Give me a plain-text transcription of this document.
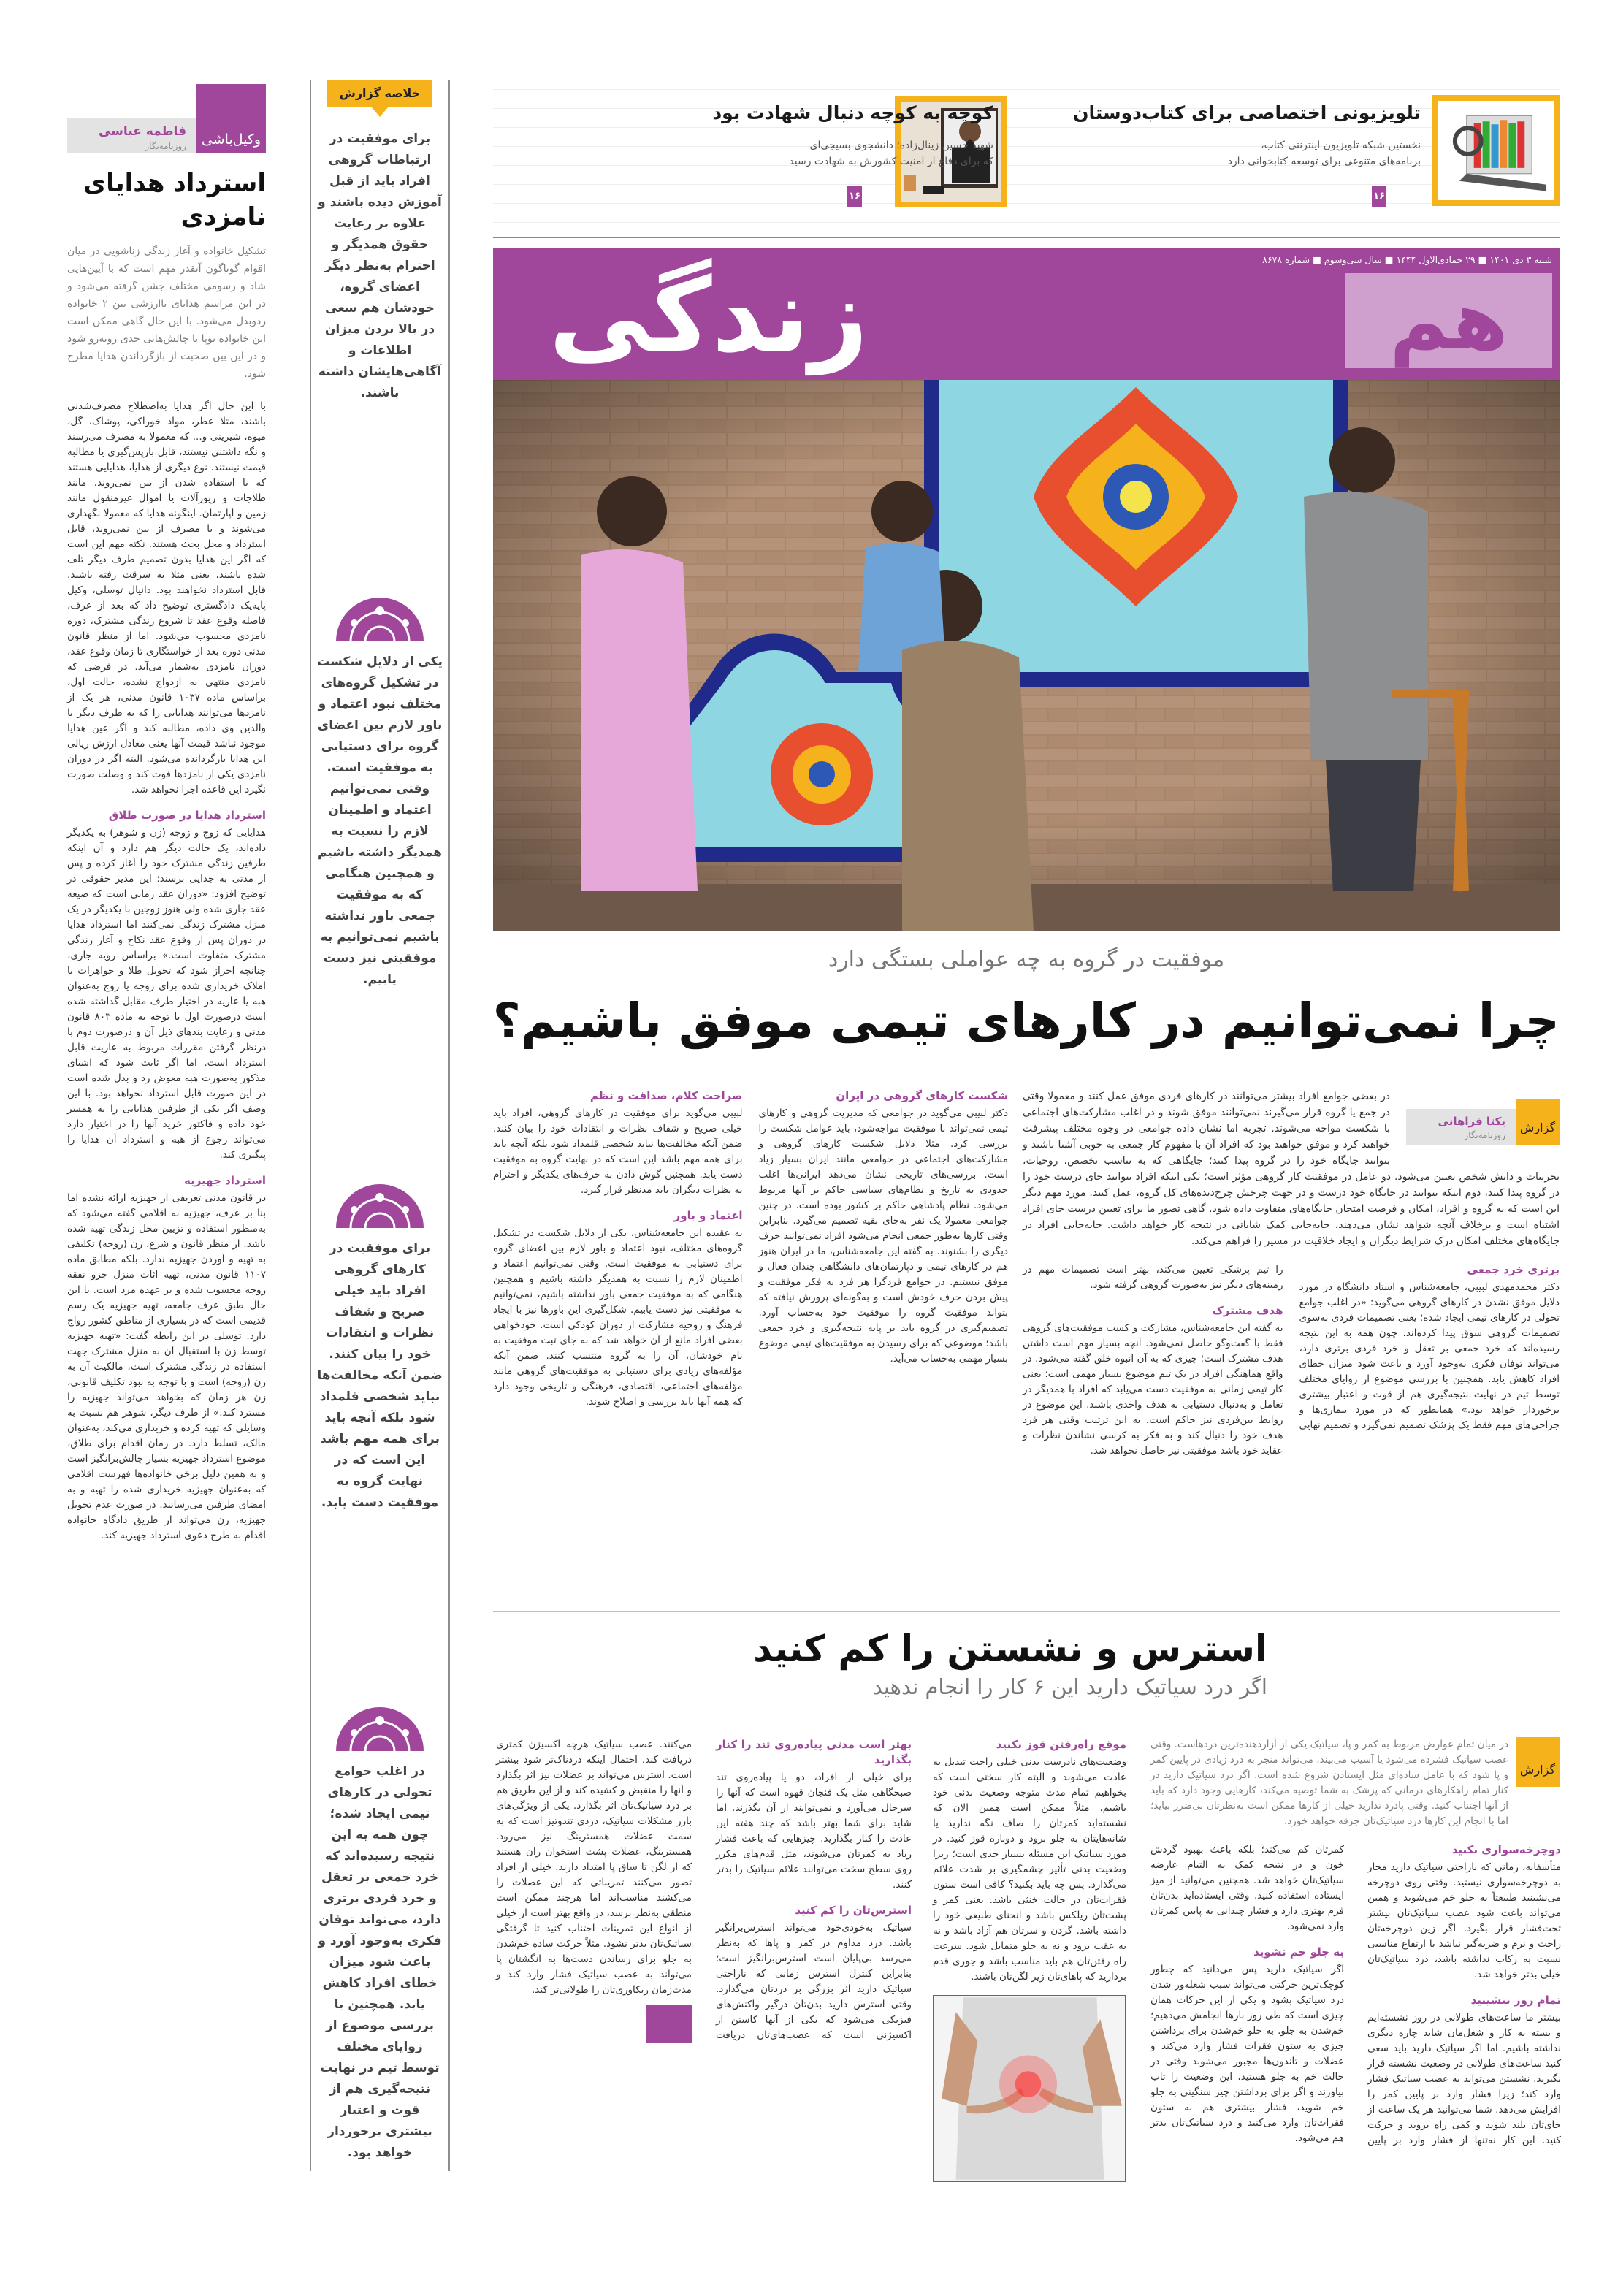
فاطمه عباسی
روزنامه‌نگار	وکیل‌باشی
استرداد هدایای نامزدی

تشکیل خانواده و آغاز زندگی زناشویی در میان اقوام گوناگون آنقدر مهم است که با آیین‌هایی شاد و رسومی مختلف جشن گرفته می‌شود و در این مراسم هدایای باارزشی بین ۲ خانواده ردوبدل می‌شود. با این حال گاهی ممکن است این خانواده نوپا با چالش‌هایی جدی روبه‌رو شود و در این بین صحبت از بازگرداندن هدایا مطرح شود.

با این حال اگر هدایا به‌اصطلاح مصرف‌شدنی باشند، مثلا عطر، مواد خوراکی، پوشاک، گل، میوه، شیرینی و... که معمولا به مصرف می‌رسند و نگه داشتنی نیستند، قابل بازپس‌گیری یا مطالبه قیمت نیستند. نوع دیگری از هدایا، هدایایی هستند که با استفاده شدن از بین نمی‌روند، مانند طلاجات و زیورآلات یا اموال غیرمنقول مانند زمین و آپارتمان. اینگونه هدایا که معمولا نگهداری می‌شوند و با مصرف از بین نمی‌روند، قابل استرداد و محل بحث هستند. نکته مهم این است که اگر این هدایا بدون تصمیم طرف دیگر تلف شده باشند، یعنی مثلا به سرقت رفته باشند، قابل استرداد نخواهند بود. دانیال توسلی، وکیل پایه‌یک دادگستری توضیح داد که بعد از عرف، فاصله وقوع عقد تا شروع زندگی مشترک، دوره نامزدی محسوب می‌شود. اما از منظر قانون مدنی دوره بعد از خواستگاری تا زمان وقوع عقد، دوران نامزدی به‌شمار می‌آید. در فرضی که نامزدی منتهی به ازدواج نشده، حالت اول، براساس ماده ۱۰۳۷ قانون مدنی، هر یک از نامزدها می‌توانند هدایایی را که به طرف دیگر یا والدین وی داده، مطالبه کند و اگر عین هدایا موجود نباشد قیمت آنها یعنی معادل ارزش ریالی این هدایا بازگردانده می‌شود. البته اگر در دوران نامزدی یکی از نامزدها فوت کند و وصلت صورت نگیرد این قاعده اجرا نخواهد شد.

استرداد هدایا در صورت طلاق

هدایایی که زوج و زوجه (زن و شوهر) به یکدیگر داده‌اند، یک حالت دیگر هم دارد و آن اینکه طرفین زندگی مشترک خود را آغاز کرده و پس از مدتی به جدایی برسند؛ این مدیر حقوقی در توضیح افزود: «دوران عقد زمانی است که صیغه عقد جاری شده ولی هنوز زوجین با یکدیگر در یک منزل مشترک زندگی نمی‌کنند اما استرداد هدایا در دوران پس از وقوع عقد نکاح و آغاز زندگی مشترک متفاوت است.» براساس رویه جاری، چنانچه احراز شود که تحویل طلا و جواهرات یا املاک خریداری شده برای زوجه یا زوج به‌عنوان هبه یا عاریه در اختیار طرف مقابل گذاشته شده است درصورت اول با توجه به ماده ۸۰۳ قانون مدنی و رعایت بندهای ذیل آن و درصورت دوم با درنظر گرفتن مقررات مربوط به عاریت قابل استرداد است. اما اگر ثابت شود که اشیای مذکور به‌صورت هبه معوض رد و بدل شده است در این صورت قابل استرداد نخواهد بود. با این وصف اگر یکی از طرفین هدایایی را به همسر خود داده و فاکتور خرید آنها را در اختیار دارد می‌تواند رجوع از هبه و استرداد آن هدایا را پیگیری کند.

استرداد جهیزیه

در قانون مدنی تعریفی از جهیزیه ارائه نشده اما بنا بر عرف، جهیزیه به اقلامی گفته می‌شود که به‌منظور استفاده و تزیین محل زندگی تهیه شده باشد. از منظر قانون و شرع، زن (زوجه) تکلیفی به تهیه و آوردن جهیزیه ندارد. بلکه مطابق ماده ۱۱۰۷ قانون مدنی، تهیه اثاث منزل جزو نفقه زوجه محسوب شده و بر عهده مرد است. با این حال طبق عرف جامعه، تهیه جهیزیه یک رسم قدیمی است که در بسیاری از مناطق کشور رواج دارد. توسلی در این رابطه گفت: «تهیه جهیزیه توسط زن با استقبال آن به منزل مشترک جهت استفاده در زندگی مشترک است، مالکیت آن به زن (زوجه) است و با توجه به نبود تکلیف قانونی، زن هر زمان که بخواهد می‌تواند جهیزیه را مسترد کند.» از طرف دیگر، شوهر هم نسبت به وسایلی که تهیه کرده و خریداری می‌کند، به‌عنوان مالک، تسلط دارد. در زمان اقدام برای طلاق، موضوع استرداد جهیزیه بسیار چالش‌برانگیز است و به همین دلیل برخی خانواده‌ها فهرست اقلامی که به‌عنوان جهیزیه خریداری شده را تهیه و به امضای طرفین می‌رسانند. در صورت عدم تحویل جهیزیه، زن می‌تواند از طریق دادگاه خانواده اقدام به طرح دعوی استرداد جهیزیه کند.

خلاصه گزارش
برای موفقیت در ارتباطات گروهی افراد باید از قبل آموزش دیده باشند و علاوه بر رعایت حقوق همدیگر و احترام به‌نظر دیگر اعضای گروه، خودشان هم سعی در بالا بردن میزان اطلاعات و آگاهی‌هایشان داشته باشند.
یکی از دلایل شکست در تشکیل گروه‌های مختلف نبود اعتماد و باور لازم بین اعضای گروه برای دستیابی به موفقیت است. وقتی نمی‌توانیم اعتماد و اطمینان لازم را نسبت به همدیگر داشته باشیم و همچنین هنگامی که به موفقیت جمعی باور نداشته باشیم نمی‌توانیم به موفقیتی نیز دست یابیم.
برای موفقیت در کارهای گروهی افراد باید خیلی صریح و شفاف نظرات و انتقادات خود را بیان کنند. ضمن آنکه مخالفت‌ها نباید شخصی قلمداد شود بلکه آنچه باید برای همه مهم باشد این است که در نهایت گروه به موفقیت دست یابد.
در اغلب جوامع تحولی در کارهای تیمی ایجاد شده؛ چون همه به این نتیجه رسیده‌اند که خرد جمعی بر تعقل و خرد فردی برتری دارد، می‌تواند توفان فکری به‌وجود آورد و باعث شود میزان خطای افراد کاهش یابد. همچنین با بررسی موضوع از زوایای مختلف توسط تیم در نهایت نتیجه‌گیری هم از قوت و اعتبار بیشتری برخوردار خواهد بود.
تلویزیونی اختصاصی برای کتاب‌دوستان
نخستین شبکه تلویزیون اینترنتی کتاب،
برنامه‌های متنوعی برای توسعه کتابخوانی دارد
۱۶
کوچه به کوچه دنبال شهادت بود
شهید حسین زینال‌زاده؛ دانشجوی بسیجی‌ای
که برای دفاع از امنیت کشورش به شهادت رسید
۱۶
شنبه ۳ دی ۱۴۰۱ ■ ۲۹ جمادی‌الاول ۱۴۴۴ ■ سال سی‌وسوم ■ شماره ۸۶۷۸
هم
زندگی
موفقیت در گروه به چه عواملی بستگی دارد
چرا نمی‌توانیم در کارهای تیمی موفق باشیم؟
گزارش
یکتا فراهانی
روزنامه‌نگار

در بعضی جوامع افراد بیشتر می‌توانند در کارهای فردی موفق عمل کنند و معمولا وقتی در جمع یا گروه قرار می‌گیرند نمی‌توانند موفق شوند و در اغلب مشارکت‌های اجتماعی با شکست مواجه می‌شوند. تجربه اما نشان داده جوامعی در وجوه مختلف پیشرفت خواهند کرد و موفق خواهند بود که افراد آن با مفهوم کار جمعی به خوبی آشنا باشند و بتوانند جایگاه خود را در گروه پیدا کنند؛ جایگاهی که به تناسب تخصص، روحیات، تجربیات و دانش شخص تعیین می‌شود. دو عامل در موفقیت کار گروهی مؤثر است؛ یکی اینکه افراد بتوانند جای درست خود را در گروه پیدا کنند، دوم اینکه بتوانند در جایگاه خود درست و در جهت چرخش چرخ‌دنده‌های کل گروه، عمل کنند. مورد مهم دیگر این است که به گروه و افراد، امکان و فرصت امتحان جایگاه‌های متفاوت داده شود. گاهی تصور ما برای تعیین درست جای افراد اشتباه است و برخلاف آنچه شواهد نشان می‌دهند، جابه‌جایی کمک شایانی در نتیجه کار خواهد داشت. جابه‌جایی افراد در جایگاه‌های مختلف امکان درک شرایط دیگران و ایجاد خلاقیت در مسیر را فراهم می‌کند.

برتری خرد جمعی

دکتر محمدمهدی لبیبی، جامعه‌شناس و استاد دانشگاه در مورد دلایل موفق نشدن در کارهای گروهی می‌گوید: «در اغلب جوامع تحولی در کارهای تیمی ایجاد شده؛ یعنی تصمیمات فردی به‌سوی تصمیمات گروهی سوق پیدا کرده‌اند. چون همه به این نتیجه رسیده‌اند که خرد جمعی بر تعقل و خرد فردی برتری دارد، می‌تواند توفان فکری به‌وجود آورد و باعث شود میزان خطای افراد کاهش یابد. همچنین با بررسی موضوع از زوایای مختلف توسط تیم در نهایت نتیجه‌گیری هم از قوت و اعتبار بیشتری برخوردار خواهد بود.» همانطور که در مورد بیماری‌ها و جراحی‌های مهم فقط یک پزشک تصمیم نمی‌گیرد و تصمیم نهایی را تیم پزشکی تعیین می‌کند، بهتر است تصمیمات مهم در زمینه‌های دیگر نیز به‌صورت گروهی گرفته شود.

هدف مشترک

به گفته این جامعه‌شناس، مشارکت و کسب موفقیت‌های گروهی فقط با گفت‌وگو حاصل نمی‌شود. آنچه بسیار مهم است داشتن هدف مشترک است؛ چیزی که به آن انبوه خلق گفته می‌شود. در واقع هماهنگی افراد در یک تیم موضوع بسیار مهمی است؛ یعنی کار تیمی زمانی به موفقیت دست می‌یابد که افراد با همدیگر در تعامل و به‌دنبال دستیابی به هدف واحدی باشند. این موضوع در روابط بین‌فردی نیز حاکم است. به این ترتیب وقتی هر فرد هدف خود را دنبال کند و به فکر به کرسی نشاندن نظرات و عقاید خود باشد موفقیتی نیز حاصل نخواهد شد.

شکست کارهای گروهی در ایران

دکتر لبیبی می‌گوید در جوامعی که مدیریت گروهی و کارهای تیمی نمی‌تواند با موفقیت مواجه‌شود، باید عوامل شکست را بررسی کرد. مثلا دلایل شکست کارهای گروهی و مشارکت‌های اجتماعی در جوامعی مانند ایران بسیار زیاد است. بررسی‌های تاریخی نشان می‌دهد ایرانی‌ها اغلب حدودی به تاریخ و نظام‌های سیاسی حاکم بر آنها مربوط می‌شود. نظام پادشاهی حاکم بر کشور بوده است. در چنین جوامعی معمولا یک نفر به‌جای بقیه تصمیم می‌گیرد. بنابراین وقتی کارها به‌طور جمعی انجام می‌شود افراد نمی‌توانند حرف دیگری را بشنوند. به گفته این جامعه‌شناس، ما در ایران هنوز هم در کارهای تیمی و دپارتمان‌های دانشگاهی چندان فعال و موفق نیستیم. در جوامع فردگرا هر فرد به فکر موفقیت و پیش بردن حرف خودش است و به‌گونه‌ای پرورش نیافته که بتواند موفقیت گروه را موفقیت خود به‌حساب آورد. تصمیم‌گیری در گروه باید بر پایه نتیجه‌گیری و خرد جمعی باشد؛ موضوعی که برای رسیدن به موفقیت‌های تیمی موضوع بسیار مهمی به‌حساب می‌آید.

صراحت کلام، صداقت و نظم

لبیبی می‌گوید برای موفقیت در کارهای گروهی، افراد باید خیلی صریح و شفاف نظرات و انتقادات خود را بیان کنند. ضمن آنکه مخالفت‌ها نباید شخصی قلمداد شود بلکه آنچه باید برای همه مهم باشد این است که در نهایت گروه به موفقیت دست یابد. همچنین گوش دادن به حرف‌های یکدیگر و احترام به نظرات دیگران باید مدنظر قرار گیرد.

اعتماد و باور

به عقیده این جامعه‌شناس، یکی از دلایل شکست در تشکیل گروه‌های مختلف، نبود اعتماد و باور لازم بین اعضای گروه برای دستیابی به موفقیت است. وقتی نمی‌توانیم اعتماد و اطمینان لازم را نسبت به همدیگر داشته باشیم و همچنین هنگامی که به موفقیت جمعی باور نداشته باشیم، نمی‌توانیم به موفقیتی نیز دست یابیم. شکل‌گیری این باورها نیز با ایجاد فرهنگ و روحیه مشارکت از دوران کودکی است. خودخواهی بعضی افراد مانع از آن خواهد شد که به جای ثبت موفقیت به نام خودشان، آن را به گروه منتسب کنند. ضمن آنکه مؤلفه‌های زیادی برای دستیابی به موفقیت‌های گروهی مانند مؤلفه‌های اجتماعی، اقتصادی، فرهنگی و تاریخی وجود دارد که همه آنها باید بررسی و اصلاح شوند.

استرس و نشستن را کم کنید
اگر درد سیاتیک دارید این ۶ کار را انجام ندهید
گزارش

در میان تمام عوارض مربوط به کمر و پا، سیاتیک یکی از آزاردهنده‌ترین دردهاست. وقتی عصب سیاتیک فشرده می‌شود یا آسیب می‌بیند، می‌تواند منجر به درد زیادی در پایین کمر و پا شود که با عامل ساده‌ای مثل ایستادن شروع شده است. اگر درد سیاتیک دارید در کنار تمام راهکارهای درمانی که پزشک به شما توصیه می‌کند، کارهایی وجود دارد که باید از آنها اجتناب کنید. وقتی پادرد ندارید خیلی از کارها ممکن است به‌نظرتان بی‌ضرر بیاید؛ اما با انجام این کارها درد سیاتیک‌تان جرقه خواهد خورد.

دوچرخه‌سواری نکنید

متأسفانه، زمانی که ناراحتی سیاتیک دارید مجاز به دوچرخه‌سواری نیستید. وقتی روی دوچرخه می‌نشینید طبیعتاً به جلو خم می‌شوید و همین می‌تواند باعث شود عصب سیاتیک‌تان بیشتر تحت‌فشار قرار بگیرد. اگر زین دوچرخه‌تان راحت و نرم و ضربه‌گیر نباشد یا ارتفاع مناسبی نسبت به رکاب نداشته باشد، درد سیاتیک‌تان خیلی بدتر خواهد شد.

تمام روز ننشینید

بیشتر ما ساعت‌های طولانی در روز نشسته‌ایم و بسته به کار و شغل‌مان شاید چاره دیگری نداشته باشیم. اما اگر سیاتیک دارید باید سعی کنید ساعت‌های طولانی در وضعیت نشسته قرار نگیرید. نشستن می‌تواند به عصب سیاتیک فشار وارد کند؛ زیرا فشار وارد بر پایین کمر را افزایش می‌دهد. شما می‌توانید هر یک ساعت از جای‌تان بلند شوید و کمی راه بروید و حرکت کنید. این کار نه‌تنها از فشار وارد بر پایین کمرتان کم می‌کند؛ بلکه باعث بهبود گردش خون و در نتیجه کمک به التیام عارضه سیاتیک‌تان خواهد شد. همچنین می‌توانید از میز ایستاده استفاده کنید. وقتی ایستاده‌اید بدن‌تان فرم بهتری دارد و فشار چندانی به پایین کمرتان وارد نمی‌شود.

به جلو خم نشوید

اگر سیاتیک دارید پس می‌دانید که چطور کوچک‌ترین حرکتی می‌تواند سبب شعله‌ور شدن درد سیاتیک بشود و یکی از این حرکات همان چیزی است که طی روز بارها انجامش می‌دهیم؛ خم‌شدن به جلو. به جلو خم‌شدن برای برداشتن چیزی به ستون فقرات فشار وارد می‌کند و عضلات و تاندون‌ها مجبور می‌شوند وقتی در حالت خم به جلو هستید، این وضعیت را تاب بیاورند و اگر برای برداشتن چیز سنگینی به جلو خم شوید، فشار بیشتری هم به ستون فقرات‌تان وارد می‌کنید و درد سیاتیک‌تان بدتر هم می‌شود.

موقع راه‌رفتن قوز نکنید

وضعیت‌های نادرست بدنی خیلی راحت تبدیل به عادت می‌شوند و البته کار سختی است که بخواهیم تمام مدت متوجه وضعیت بدنی خود باشیم. مثلاً ممکن است همین الان که نشسته‌اید کمرتان را صاف نگه ندارید یا شانه‌هایتان به جلو برود و دوباره قوز کنید. در مورد سیاتیک این مسئله بسیار جدی است؛ زیرا وضعیت بدنی تأثیر چشمگیری بر شدت علائم می‌گذارد. پس چه باید بکنید؟ کافی است ستون فقرات‌تان در حالت خنثی باشد. یعنی کمر و پشت‌تان ریلکس باشد و انحنای طبیعی خود را داشته باشد. گردن و سرتان هم آزاد باشد و نه به عقب برود و نه به جلو متمایل شود. سرعت راه رفتن‌تان هم باید مناسب باشد و جوری قدم بردارید که پاهای‌تان زیر لگن‌تان باشند.

بهتر است مدتی پیاده‌روی تند را کنار بگذارید

برای خیلی از افراد، دو یا پیاده‌روی تند صبحگاهی مثل یک فنجان قهوه است که آنها را سرحال می‌آورد و نمی‌توانند از آن بگذرند. اما شاید برای شما بهتر باشد که چند هفته این عادت را کنار بگذارید. چیزهایی که باعث فشار زیاد به کمرتان می‌شوند، مثل قدم‌های مکرر روی سطح سخت می‌توانند علائم سیاتیک را بدتر کنند.

استرس‌تان را کم کنید

سیاتیک به‌خودی‌خود می‌تواند استرس‌برانگیز باشد. درد مداوم در کمر و پاها که به‌نظر می‌رسد بی‌پایان است استرس‌برانگیز است؛ بنابراین کنترل استرس زمانی که ناراحتی سیاتیک دارید اثر بزرگی بر دردتان می‌گذارد. وقتی استرس دارید بدن‌تان درگیر واکنش‌های فیزیکی می‌شود که یکی از آنها کاستن از اکسیژنی است که عصب‌های‌تان دریافت می‌کنند. عصب سیاتیک هرچه اکسیژن کمتری دریافت کند، احتمال اینکه دردناک‌تر شود بیشتر است. استرس می‌تواند بر عضلات نیز اثر بگذارد و آنها را منقبض و کشیده کند و از این طریق هم بر درد سیاتیک‌تان اثر بگذارد. یکی از ویژگی‌های بارز مشکلات سیاتیک، دردی تندوتیز است که به سمت عضلات همسترینگ نیز می‌رود. همسترینگ، عضلات پشت استخوان ران هستند که از لگن تا ساق پا امتداد دارند. خیلی از افراد تصور می‌کنند تمریناتی که این عضلات را می‌کشند مناسب‌اند اما هرچند ممکن است منطقی به‌نظر برسد، در واقع بهتر است از خیلی از انواع این تمرینات اجتناب کنید تا گرفتگی سیاتیک‌تان بدتر نشود. مثلاً حرکت ساده خم‌شدن به جلو برای رساندن دست‌ها به انگشتان پا می‌تواند به عصب سیاتیک فشار وارد کند و مدت‌زمان ریکاوری‌تان را طولانی‌تر کند.
